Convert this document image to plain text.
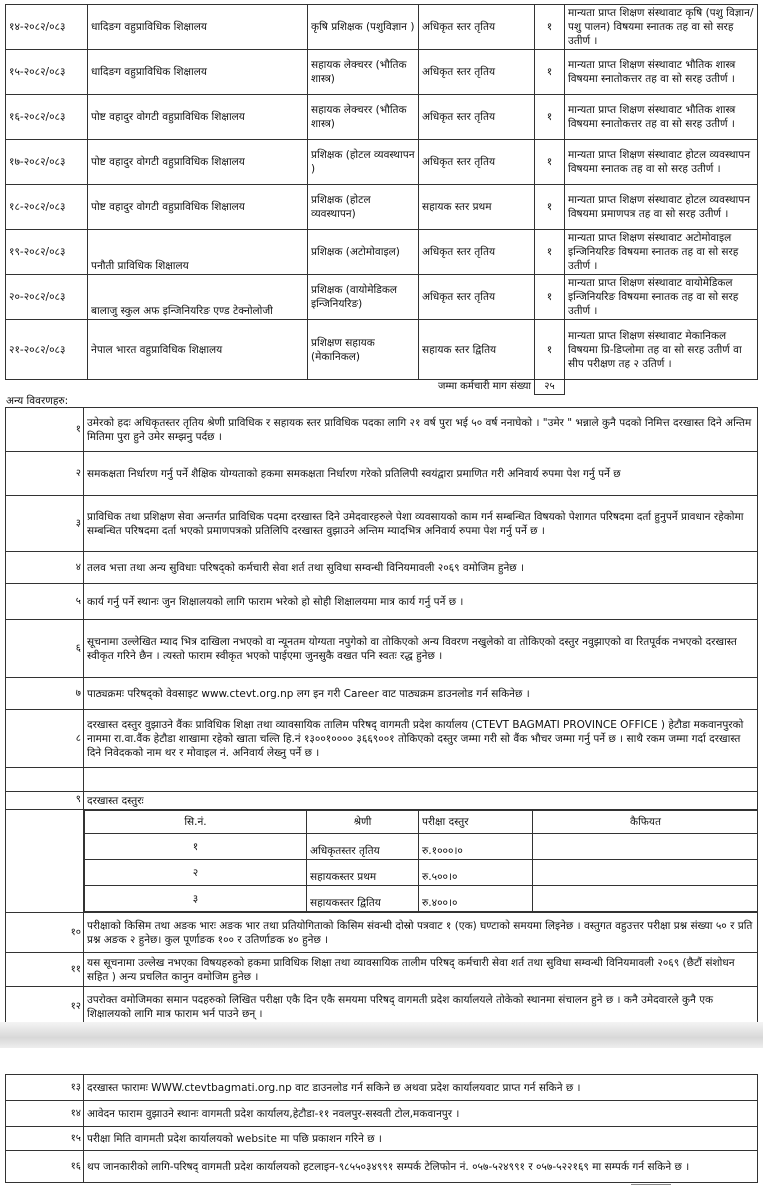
१४-२०८२/०८३	धादिङग वहुप्राविधिक शिक्षालय	कृषि प्रशिक्षक (पशुविज्ञान )	अधिकृत स्तर तृतिय	१	मान्यता प्राप्त शिक्षण संस्थावाट कृषि (पशु विज्ञान/ पशु पालन) विषयमा स्नातक तह वा सो सरह उतीर्ण ।
१५-२०८२/०८३	धादिङग वहुप्राविधिक शिक्षालय	सहायक लेक्चरर (भौतिक शास्त्र)	अधिकृत स्तर तृतिय	१	मान्यता प्राप्त शिक्षण संस्थावाट भौतिक शास्त्र विषयमा स्नातोकत्तर तह वा सो सरह उतीर्ण ।
१६-२०८२/०८३	पोष्ट वहादुर वोगटी वहुप्राविधिक शिक्षालय	सहायक लेक्चरर (भौतिक शास्त्र)	अधिकृत स्तर तृतिय	१	मान्यता प्राप्त शिक्षण संस्थावाट भौतिक शास्त्र विषयमा स्नातोकत्तर तह वा सो सरह उतीर्ण ।
१७-२०८२/०८३	पोष्ट वहादुर वोगटी वहुप्राविधिक शिक्षालय	प्रशिक्षक (होटल व्यवस्थापन )	अधिकृत स्तर तृतिय	१	मान्यता प्राप्त शिक्षण संस्थावाट होटल व्यवस्थापन विषयमा स्नातक तह वा सो सरह उतीर्ण ।
१८-२०८२/०८३	पोष्ट वहादुर वोगटी वहुप्राविधिक शिक्षालय	प्रशिक्षक (होटल व्यवस्थापन)	सहायक स्तर प्रथम	१	मान्यता प्राप्त शिक्षण संस्थावाट होटल व्यवस्थापन विषयमा प्रमाणपत्र तह वा सो सरह उतीर्ण ।
१९-२०८२/०८३	पनौती प्राविधिक शिक्षालय	प्रशिक्षक (अटोमोवाइल)	अधिकृत स्तर तृतिय	१	मान्यता प्राप्त शिक्षण संस्थावाट अटोमोवाइल इन्जिनियरिङ विषयमा स्नातक तह वा सो सरह उतीर्ण ।
२०-२०८२/०८३	बालाजु स्कुल अफ इन्जिनियरिङ एण्ड टेक्नोलोजी	प्रशिक्षक (वायोमेडिकल इन्जिनियरिङ)	अधिकृत स्तर तृतिय	१	मान्यता प्राप्त शिक्षण संस्थावाट वायोमेडिकल इन्जिनियरिङ विषयमा स्नातक तह वा सो सरह उतीर्ण ।
२१-२०८२/०८३	नेपाल भारत वहुप्राविधिक शिक्षालय	प्रशिक्षण सहायक (मेकानिकल)	सहायक स्तर द्वितिय	१	मान्यता प्राप्त शिक्षण संस्थावाट मेकानिकल विषयमा प्रि-डिप्लोमा तह वा सो सरह उतीर्ण वा सीप परीक्षण तह २ उतिर्ण ।
जम्मा कर्मचारी माग संख्या				२५	
अन्य विवरणहरु:
१	उमेरको हदः अधिकृतस्तर तृतिय श्रेणी प्राविधिक र सहायक स्तर प्राविधिक पदका लागि २१ वर्ष पुरा भई ५० वर्ष ननाघेको । "उमेर " भन्नाले कुनै पदको निमित्त दरखास्त दिने अन्तिम मितिमा पुरा हुने उमेर सम्झनु पर्दछ ।
२	समकक्षता निर्धारण गर्नु पर्ने शैक्षिक योग्यताको हकमा समकक्षता निर्धारण गरेको प्रतिलिपी स्वयंद्वारा प्रमाणित गरी अनिवार्य रुपमा पेश गर्नु पर्ने छ
३	प्राविधिक तथा प्रशिक्षण सेवा अन्तर्गत प्राविधिक पदमा दरखास्त दिने उमेदवारहरुले पेशा व्यवसायको काम गर्न सम्बन्धित विषयको पेशागत परिषदमा दर्ता हुनुपर्ने प्रावधान रहेकोमा सम्बन्धित परिषदमा दर्ता भएको प्रमाणपत्रको प्रतिलिपि दरखास्त वुझाउने अन्तिम म्यादभित्र अनिवार्य रुपमा पेश गर्नु पर्ने छ ।
४	तलव भत्ता तथा अन्य सुविधाः परिषद्को कर्मचारी सेवा शर्त तथा सुविधा सम्वन्धी विनियमावली २०६९ वमोजिम हुनेछ ।
५	कार्य गर्नु पर्ने स्थानः जुन शिक्षालयको लागि फाराम भरेको हो सोही शिक्षालयमा मात्र कार्य गर्नु पर्ने छ ।
६	सूचनामा उल्लेखित म्याद भित्र दाखिला नभएको वा न्यूनतम योग्यता नपुगेको वा तोकिएको अन्य विवरण नखुलेको वा तोकिएको दस्तुर नवुझाएको वा रितपूर्वक नभएको दरखास्त स्वीकृत गरिने छैन । त्यस्तो फाराम स्वीकृत भएको पाईएमा जुनसुकै वखत पनि स्वतः रद्ध हुनेछ ।
७	पाठ्यक्रमः परिषद्को वेवसाइट www.ctevt.org.np लग इन गरी Career वाट पाठ्यक्रम डाउनलोड गर्न सकिनेछ ।
८	दरखास्त दस्तुर वुझाउने वैंकः प्राविधिक शिक्षा तथा व्यावसायिक तालिम परिषद् वागमती प्रदेश कार्यालय (CTEVT BAGMATI PROVINCE OFFICE ) हेटौडा मकवानपुरको नाममा रा.वा.वैंक हेटौडा शाखामा रहेको खाता चल्ति हि.नं १३००१०००० ३६६९००१ तोकिएको दस्तुर जम्मा गरी सो वैंक भौचर जम्मा गर्नु पर्ने छ । साथै रकम जम्मा गर्दा दरखास्त दिने निवेदकको नाम थर र मोवाइल नं. अनिवार्य लेख्नु पर्ने छ ।

९	दरखास्त दस्तुरः

सि.नं.	श्रेणी	परीक्षा दस्तुर	कैफियत
१	अधिकृतस्तर तृतिय	रु.१०००।०	
२	सहायकस्तर प्रथम	रु.५००।०	
३	सहायकस्तर द्वितिय	रु.४००।०	

१०	परीक्षाको किसिम तथा अङक भारः अङक भार तथा प्रतियोगिताको किसिम संवन्धी दोस्रो पत्रवाट १ (एक) घण्टाको समयमा लिइनेछ । वस्तुगत वहुउत्तर परीक्षा प्रश्न संख्या ५० र प्रति प्रश्न अङक २ हुनेछ। कुल पूर्णाङक १०० र उतिर्णाङक ४० हुनेछ ।
११	यस सूचनामा उल्लेख नभएका विषयहरुको हकमा प्राविधिक शिक्षा तथा व्यावसायिक तालीम परिषद् कर्मचारी सेवा शर्त तथा सुविधा सम्वन्धी विनियमावली २०६९ (छैटौं संशोधन सहित ) अन्य प्रचलित कानुन वमोजिम हुनेछ ।
१२	उपरोक्त वमोजिमका समान पदहरुको लिखित परीक्षा एकै दिन एकै समयमा परिषद् वागमती प्रदेश कार्यालयले तोकेको स्थानमा संचालन हुने छ । कनै उमेदवारले कुनै एक शिक्षालयको लागि मात्र फाराम भर्न पाउने छन् ।
१३	दरखास्त फारामः WWW.ctevtbagmati.org.np वाट डाउनलोड गर्न सकिने छ अथवा प्रदेश कार्यालयवाट प्राप्त गर्न सकिने छ ।
१४	आवेदन फाराम वुझाउने स्थानः वागमती प्रदेश कार्यालय,हेटौडा-११ नवलपुर-सस्वती टोल,मकवानपुर ।
१५	परीक्षा मिति वागमती प्रदेश कार्यालयको website मा पछि प्रकाशन गरिने छ ।
१६	थप जानकारीको लागि-परिषद् वागमती प्रदेश कार्यालयको हटलाइन-९८५५०३४९९१ सम्पर्क टेलिफोन नं. ०५७-५२४९९१ र ०५७-५२२१६९ मा सम्पर्क गर्न सकिने छ ।
